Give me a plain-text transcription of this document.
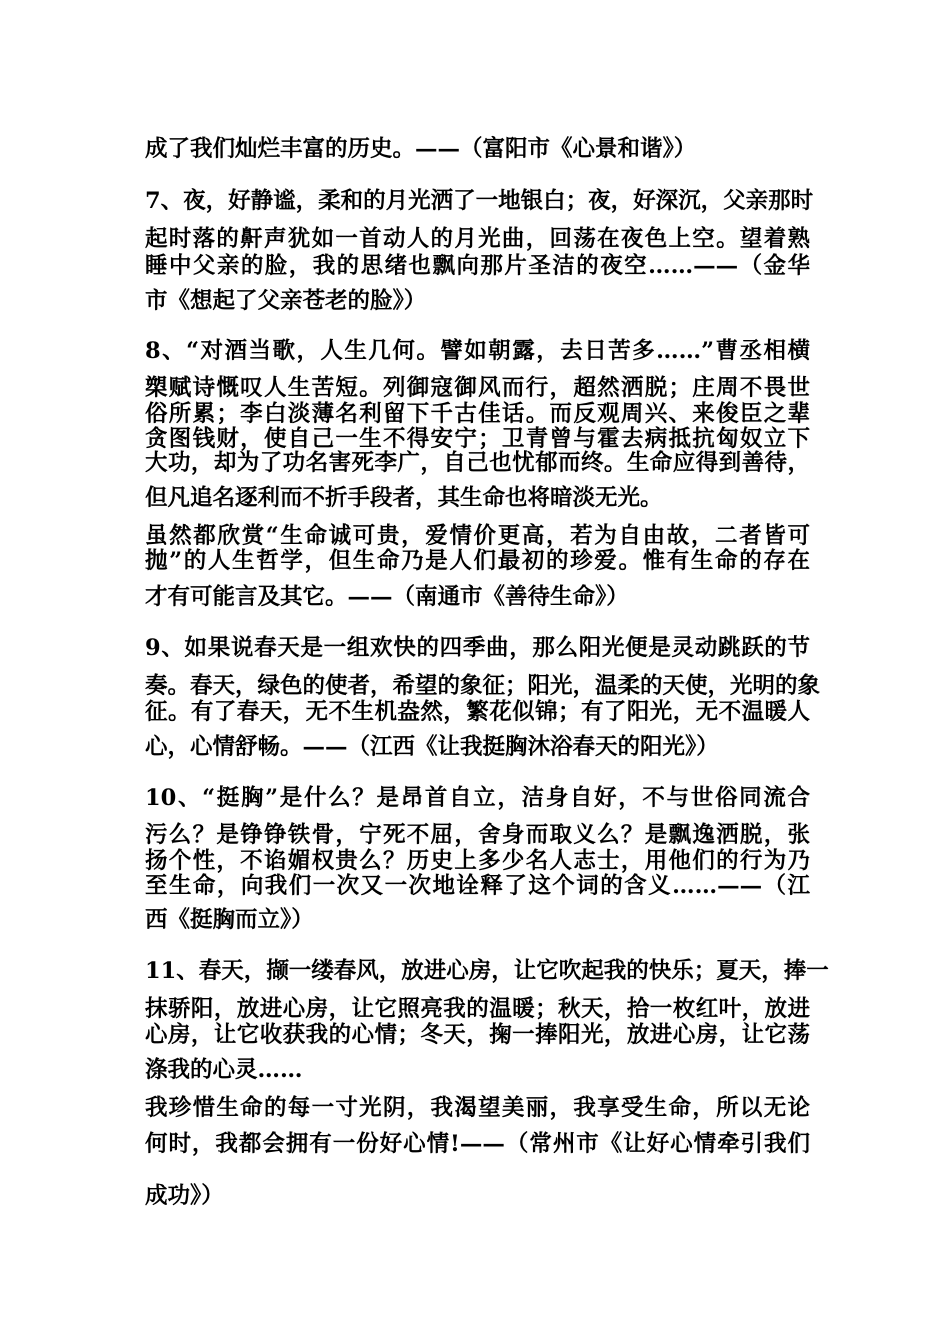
成了我们灿烂丰富的历史。——（富阳市《心景和谐》）
7、夜，好静谧，柔和的月光洒了一地银白；夜，好深沉，父亲那时
起时落的鼾声犹如一首动人的月光曲，回荡在夜色上空。望着熟
睡中父亲的脸，我的思绪也飘向那片圣洁的夜空……——（金华
市《想起了父亲苍老的脸》）
8、“对酒当歌，人生几何。譬如朝露，去日苦多……”曹丞相横
槊赋诗慨叹人生苦短。列御寇御风而行，超然洒脱；庄周不畏世
俗所累；李白淡薄名利留下千古佳话。而反观周兴、来俊臣之辈
贪图钱财，使自己一生不得安宁；卫青曾与霍去病抵抗匈奴立下
大功，却为了功名害死李广，自己也忧郁而终。生命应得到善待，
但凡追名逐利而不折手段者，其生命也将暗淡无光。
虽然都欣赏“生命诚可贵，爱情价更高，若为自由故，二者皆可
抛”的人生哲学，但生命乃是人们最初的珍爱。惟有生命的存在
才有可能言及其它。——（南通市《善待生命》）
9、如果说春天是一组欢快的四季曲，那么阳光便是灵动跳跃的节
奏。春天，绿色的使者，希望的象征；阳光，温柔的天使，光明的象
征。有了春天，无不生机盎然，繁花似锦；有了阳光，无不温暖人
心，心情舒畅。——（江西《让我挺胸沐浴春天的阳光》）
10、“挺胸”是什么？是昂首自立，洁身自好，不与世俗同流合
污么？是铮铮铁骨，宁死不屈，舍身而取义么？是飘逸洒脱，张
扬个性，不谄媚权贵么？历史上多少名人志士，用他们的行为乃
至生命，向我们一次又一次地诠释了这个词的含义……——（江
西《挺胸而立》）
11、春天，撷一缕春风，放进心房，让它吹起我的快乐；夏天，捧一
抹骄阳，放进心房，让它照亮我的温暖；秋天，拾一枚红叶，放进
心房，让它收获我的心情；冬天，掬一捧阳光，放进心房，让它荡
涤我的心灵……
我珍惜生命的每一寸光阴，我渴望美丽，我享受生命，所以无论
何时，我都会拥有一份好心情!——（常州市《让好心情牵引我们
成功》）
